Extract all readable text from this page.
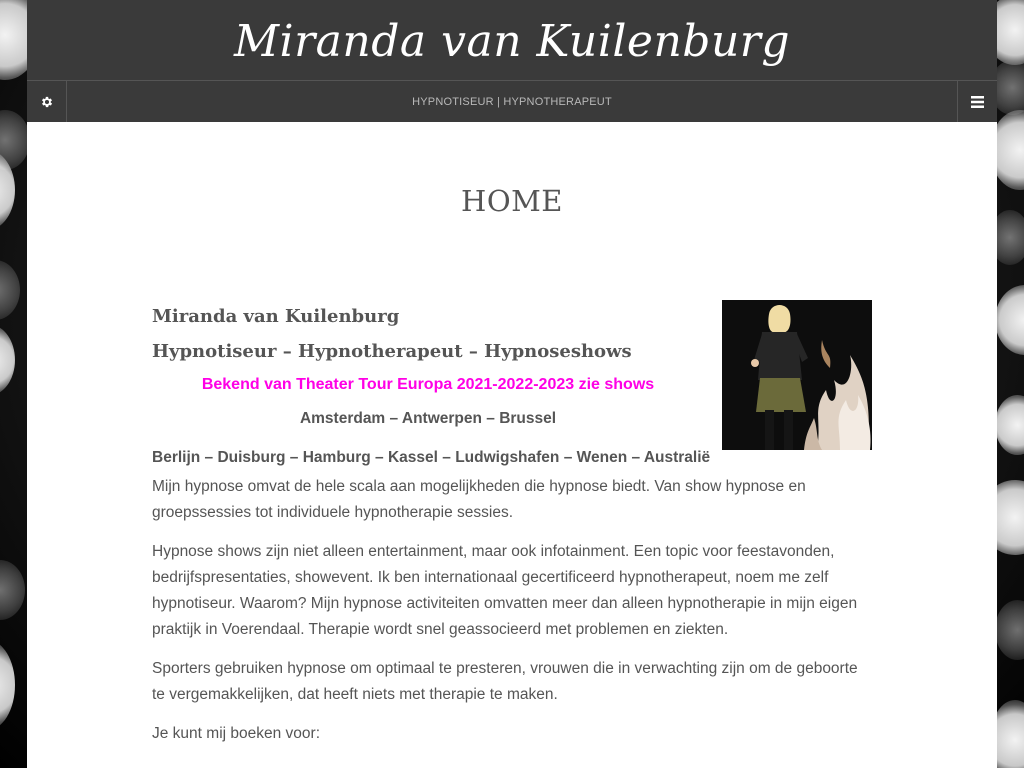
Miranda van Kuilenburg
HYPNOTISEUR | HYPNOTHERAPEUT
HOME
Miranda van Kuilenburg
Hypnotiseur – Hypnotherapeut – Hypnoseshows
Bekend van Theater Tour Europa 2021-2022-2023 zie shows
Amsterdam – Antwerpen – Brussel
Berlijn – Duisburg – Hamburg – Kassel – Ludwigshafen – Wenen – Australië

Mijn hypnose omvat de hele scala aan mogelijkheden die hypnose biedt. Van show hypnose en groepssessies tot individuele hypnotherapie sessies.

Hypnose shows zijn niet alleen entertainment, maar ook infotainment. Een topic voor feestavonden, bedrijfspresentaties, showevent. Ik ben internationaal gecertificeerd hypnotherapeut, noem me zelf hypnotiseur. Waarom? Mijn hypnose activiteiten omvatten meer dan alleen hypnotherapie in mijn eigen praktijk in Voerendaal. Therapie wordt snel geassocieerd met problemen en ziekten.

Sporters gebruiken hypnose om optimaal te presteren, vrouwen die in verwachting zijn om de geboorte te vergemakkelijken, dat heeft niets met therapie te maken.

Je kunt mij boeken voor:
